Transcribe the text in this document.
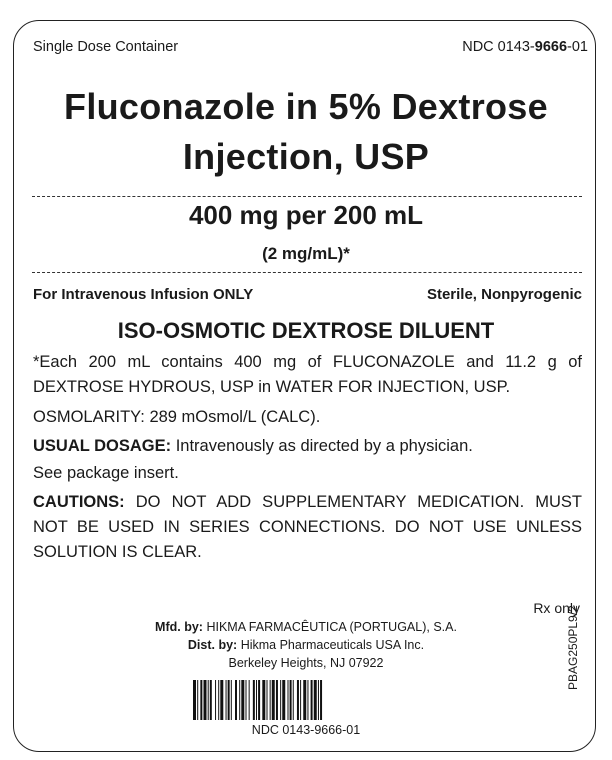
Single Dose Container	NDC 0143-9666-01
Fluconazole in 5% Dextrose
Injection, USP
400 mg per 200 mL
(2 mg/mL)*
For Intravenous Infusion ONLY	Sterile, Nonpyrogenic
ISO-OSMOTIC DEXTROSE DILUENT
*Each 200 mL contains 400 mg of FLUCONAZOLE and 11.2 g of DEXTROSE HYDROUS, USP in WATER FOR INJECTION, USP.
OSMOLARITY: 289 mOsmol/L (CALC).
USUAL DOSAGE: Intravenously as directed by a physician.
See package insert.
CAUTIONS: DO NOT ADD SUPPLEMENTARY MEDICATION. MUST NOT BE USED IN SERIES CONNECTIONS. DO NOT USE UNLESS SOLUTION IS CLEAR.
Rx only
Mfd. by: HIKMA FARMACÊUTICA (PORTUGAL), S.A.
Dist. by: Hikma Pharmaceuticals USA Inc.
Berkeley Heights, NJ 07922
NDC 0143-9666-01
PBAG250PL9/2
